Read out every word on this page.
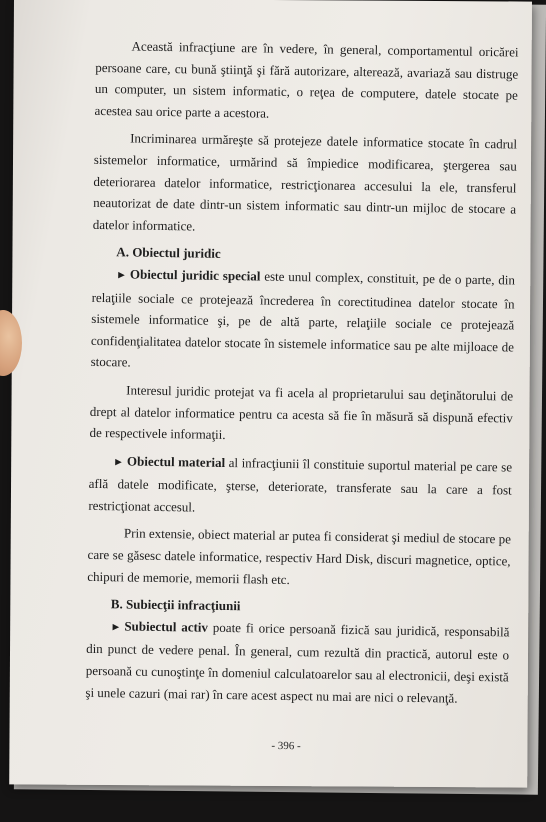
Această infracţiune are în vedere, în general, comportamentul oricărei persoane care, cu bună ştiinţă şi fără autorizare, alterează, avariază sau distruge un computer, un sistem informatic, o reţea de computere, datele stocate pe acestea sau orice parte a acestora.

Incriminarea urmăreşte să protejeze datele informatice stocate în cadrul sistemelor informatice, urmărind să împiedice modificarea, ştergerea sau deteriorarea datelor informatice, restricţionarea accesului la ele, transferul neautorizat de date dintr-un sistem informatic sau dintr-un mijloc de stocare a datelor informatice.

A. Obiectul juridic

► Obiectul juridic special este unul complex, constituit, pe de o parte, din relaţiile sociale ce protejează încrederea în corectitudinea datelor stocate în sistemele informatice şi, pe de altă parte, relaţiile sociale ce protejează confidenţialitatea datelor stocate în sistemele informatice sau pe alte mijloace de stocare.

Interesul juridic protejat va fi acela al proprietarului sau deţinătorului de drept al datelor informatice pentru ca acesta să fie în măsură să dispună efectiv de respectivele informaţii.

► Obiectul material al infracţiunii îl constituie suportul material pe care se află datele modificate, şterse, deteriorate, transferate sau la care a fost restricţionat accesul.

Prin extensie, obiect material ar putea fi considerat şi mediul de stocare pe care se găsesc datele informatice, respectiv Hard Disk, discuri magnetice, optice, chipuri de memorie, memorii flash etc.

B. Subiecţii infracţiunii

► Subiectul activ poate fi orice persoană fizică sau juridică, responsabilă din punct de vedere penal. În general, cum rezultă din practică, autorul este o persoană cu cunoştinţe în domeniul calculatoarelor sau al electronicii, deşi există şi unele cazuri (mai rar) în care acest aspect nu mai are nici o relevanţă.

- 396 -
